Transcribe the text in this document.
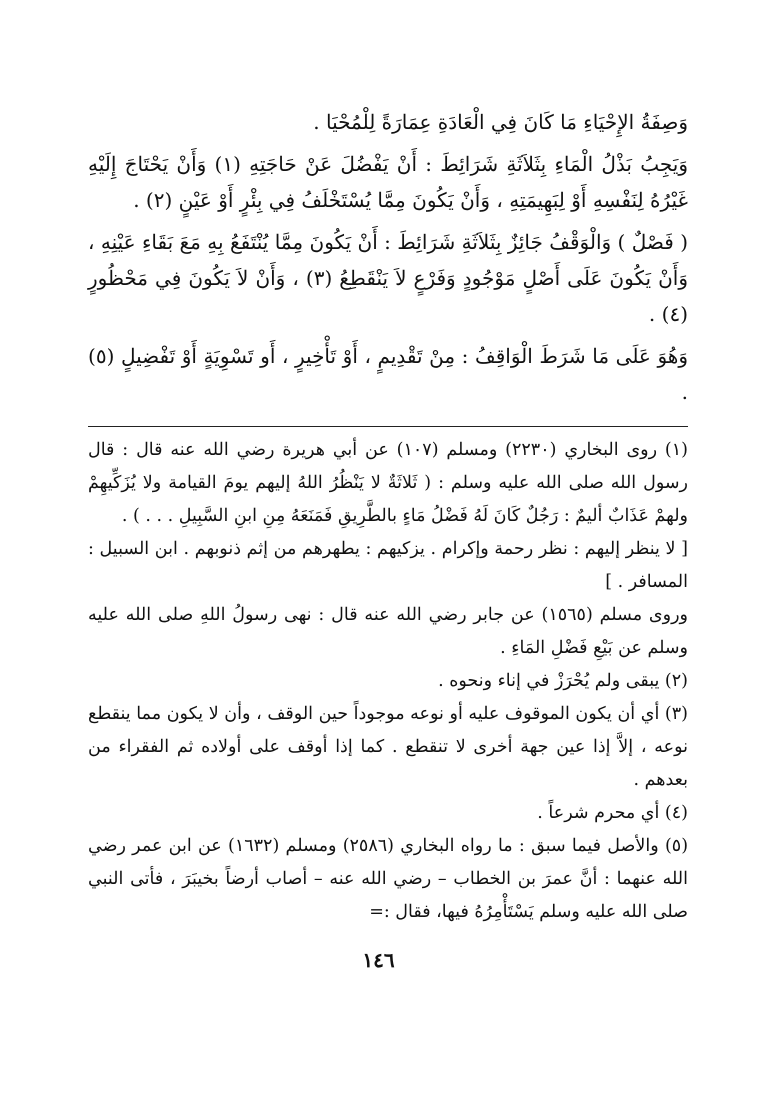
وَصِفَةُ الإِحْيَاءِ مَا كَانَ فِي الْعَادَةِ عِمَارَةً لِلْمُحْيَا .

وَيَجِبُ بَذْلُ الْمَاءِ بِثَلاَثَةِ شَرَائِطَ : أَنْ يَفْضُلَ عَنْ حَاجَتِهِ (١) وَأَنْ يَحْتَاجَ إِلَيْهِ غَيْرُهُ لِنَفْسِهِ أَوْ لِبَهِيمَتِهِ ، وَأَنْ يَكُونَ مِمَّا يُسْتَخْلَفُ فِي بِئْرٍ أَوْ عَيْنٍ (٢) .

( فَصْلٌ ) وَالْوَقْفُ جَائِزٌ بِثَلاَثَةِ شَرَائِطَ : أَنْ يَكُونَ مِمَّا يُنْتَفَعُ بِهِ مَعَ بَقَاءِ عَيْنِهِ ، وَأَنْ يَكُونَ عَلَى أَصْلٍ مَوْجُودٍ وَفَرْعٍ لاَ يَنْقَطِعُ (٣) ، وَأَنْ لاَ يَكُونَ فِي مَحْظُورٍ (٤) .

وَهُوَ عَلَى مَا شَرَطَ الْوَاقِفُ : مِنْ تَقْدِيمٍ ، أَوْ تَأْخِيرٍ ، أَو تَسْوِيَةٍ أَوْ تَفْضِيلٍ (٥) .

(١) روى البخاري (٢٢٣٠) ومسلم (١٠٧) عن أبي هريرة رضي الله عنه قال : قال رسول الله صلى الله عليه وسلم : ( ثَلاثَةٌ لا يَنْظُرُ اللهُ إليهم يومَ القيامة ولا يُزَكِّيهِمْ ولهمْ عَذَابٌ أليمٌ : رَجُلٌ كَانَ لَهُ فَضْلُ مَاءٍ بالطَّرِيقِ فَمَنَعَهُ مِنِ ابنِ السَّبِيلِ . . . ) .

[ لا ينظر إليهم : نظر رحمة وإكرام . يزكيهم : يطهرهم من إثم ذنوبهم . ابن السبيل : المسافر . ]

وروى مسلم (١٥٦٥) عن جابر رضي الله عنه قال : نهى رسولُ اللهِ صلى الله عليه وسلم عن بَيْعِ فَضْلِ المَاءِ .

(٢) يبقى ولم يُحْرَزْ في إناء ونحوه .

(٣) أي أن يكون الموقوف عليه أو نوعه موجوداً حين الوقف ، وأن لا يكون مما ينقطع نوعه ، إلاَّ إذا عين جهة أخرى لا تنقطع . كما إذا أوقف على أولاده ثم الفقراء من بعدهم .

(٤) أي محرم شرعاً .

(٥) والأصل فيما سبق : ما رواه البخاري (٢٥٨٦) ومسلم (١٦٣٢) عن ابن عمر رضي الله عنهما : أنَّ عمرَ بن الخطاب – رضي الله عنه – أصاب أرضاً بخيبَرَ ، فأتى النبي صلى الله عليه وسلم يَسْتَأْمِرُهُ فيها، فقال :=

١٤٦
